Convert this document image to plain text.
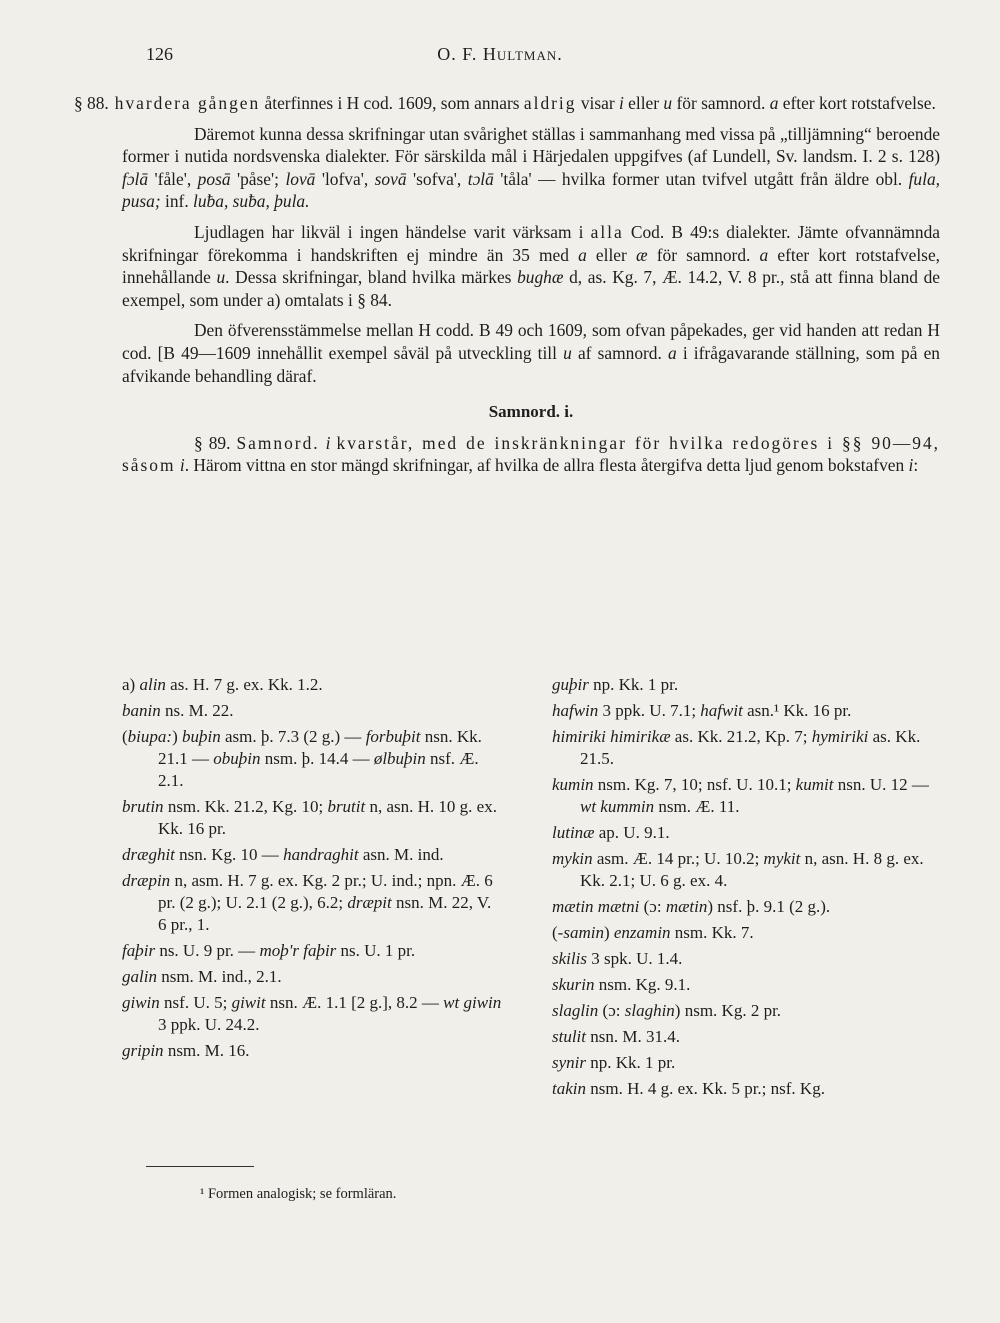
126	O. F. Hultman.

§ 88. hvardera gången återfinnes i H cod. 1609, som annars aldrig visar i eller u för samnord. a efter kort rotstafvelse.

Däremot kunna dessa skrifningar utan svårighet ställas i sammanhang med vissa på „tilljämning“ beroende former i nutida nordsvenska dialekter. För särskilda mål i Härjedalen uppgifves (af Lundell, Sv. landsm. I. 2 s. 128) fɔlā 'fåle', posā 'påse'; lovā 'lofva', sovā 'sofva', tɔlā 'tåla' — hvilka former utan tvifvel utgått från äldre obl. fula, pusa; inf. luƀa, suƀa, þula.

Ljudlagen har likväl i ingen händelse varit värksam i alla Cod. B 49:s dialekter. Jämte ofvannämnda skrifningar förekomma i handskriften ej mindre än 35 med a eller æ för samnord. a efter kort rotstafvelse, innehållande u. Dessa skrifningar, bland hvilka märkes bughæ d, as. Kg. 7, Æ. 14.2, V. 8 pr., stå att finna bland de exempel, som under a) omtalats i § 84.

Den öfverensstämmelse mellan H codd. B 49 och 1609, som ofvan påpekades, ger vid handen att redan H cod. [B 49—1609 innehållit exempel såväl på utveckling till u af samnord. a i ifrågavarande ställning, som på en afvikande behandling däraf.

Samnord. i.

§ 89. Samnord. i kvarstår, med de inskränkningar för hvilka redogöres i §§ 90—94, såsom i. Härom vittna en stor mängd skrifningar, af hvilka de allra flesta återgifva detta ljud genom bokstafven i:

a) alin as. H. 7 g. ex. Kk. 1.2.
banin ns. M. 22.
(biupa:) buþin asm. þ. 7.3 (2 g.) — forbuþit nsn. Kk. 21.1 — obuþin nsm. þ. 14.4 — ølbuþin nsf. Æ. 2.1.
brutin nsm. Kk. 21.2, Kg. 10; brutit n, asn. H. 10 g. ex. Kk. 16 pr.
dræghit nsn. Kg. 10 — handraghit asn. M. ind.
dræpin n, asm. H. 7 g. ex. Kg. 2 pr.; U. ind.; npn. Æ. 6 pr. (2 g.); U. 2.1 (2 g.), 6.2; dræpit nsn. M. 22, V. 6 pr., 1.
faþir ns. U. 9 pr. — moþ'r faþir ns. U. 1 pr.
galin nsm. M. ind., 2.1.
giwin nsf. U. 5; giwit nsn. Æ. 1.1 [2 g.], 8.2 — wt giwin 3 ppk. U. 24.2.
gripin nsm. M. 16.
guþir np. Kk. 1 pr.
hafwin 3 ppk. U. 7.1; hafwit asn.¹ Kk. 16 pr.
himiriki himirikæ as. Kk. 21.2, Kp. 7; hymiriki as. Kk. 21.5.
kumin nsm. Kg. 7, 10; nsf. U. 10.1; kumit nsn. U. 12 — wt kummin nsm. Æ. 11.
lutinæ ap. U. 9.1.
mykin asm. Æ. 14 pr.; U. 10.2; mykit n, asn. H. 8 g. ex. Kk. 2.1; U. 6 g. ex. 4.
mætin mætni (ɔ: mætin) nsf. þ. 9.1 (2 g.).
(-samin) enzamin nsm. Kk. 7.
skilis 3 spk. U. 1.4.
skurin nsm. Kg. 9.1.
slaglin (ɔ: slaghin) nsm. Kg. 2 pr.
stulit nsn. M. 31.4.
synir np. Kk. 1 pr.
takin nsm. H. 4 g. ex. Kk. 5 pr.; nsf. Kg.
¹ Formen analogisk; se formläran.
